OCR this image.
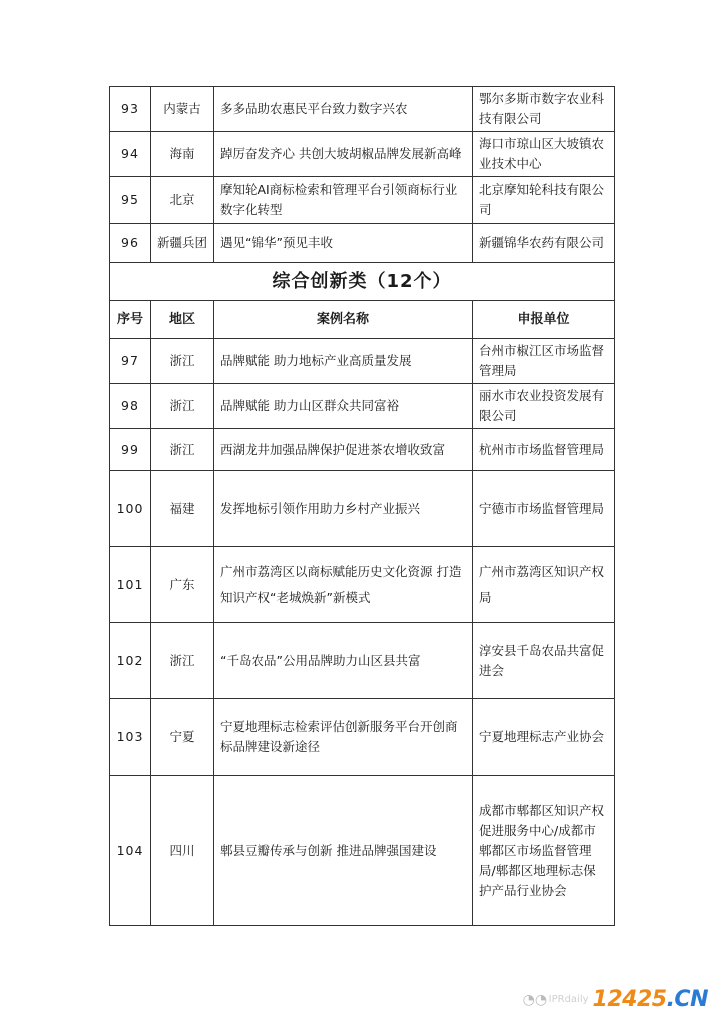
93	内蒙古	多多品助农惠民平台致力数字兴农	鄂尔多斯市数字农业科技有限公司
94	海南	踔厉奋发齐心 共创大坡胡椒品牌发展新高峰	海口市琼山区大坡镇农业技术中心
95	北京	摩知轮AI商标检索和管理平台引领商标行业数字化转型	北京摩知轮科技有限公司
96	新疆兵团	遇见“锦华”预见丰收	新疆锦华农药有限公司
综合创新类（12个）			
序号	地区	案例名称	申报单位
97	浙江	品牌赋能 助力地标产业高质量发展	台州市椒江区市场监督管理局
98	浙江	品牌赋能 助力山区群众共同富裕	丽水市农业投资发展有限公司
99	浙江	西湖龙井加强品牌保护促进茶农增收致富	杭州市市场监督管理局
100	福建	发挥地标引领作用助力乡村产业振兴	宁德市市场监督管理局
101	广东	广州市荔湾区以商标赋能历史文化资源 打造知识产权“老城焕新”新模式	广州市荔湾区知识产权局
102	浙江	“千岛农品”公用品牌助力山区县共富	淳安县千岛农品共富促进会
103	宁夏	宁夏地理标志检索评估创新服务平台开创商标品牌建设新途径	宁夏地理标志产业协会
104	四川	郫县豆瓣传承与创新 推进品牌强国建设	成都市郫都区知识产权促进服务中心/成都市郫都区市场监督管理局/郫都区地理标志保护产品行业协会
◔◔ IPRdaily 12425.CN
